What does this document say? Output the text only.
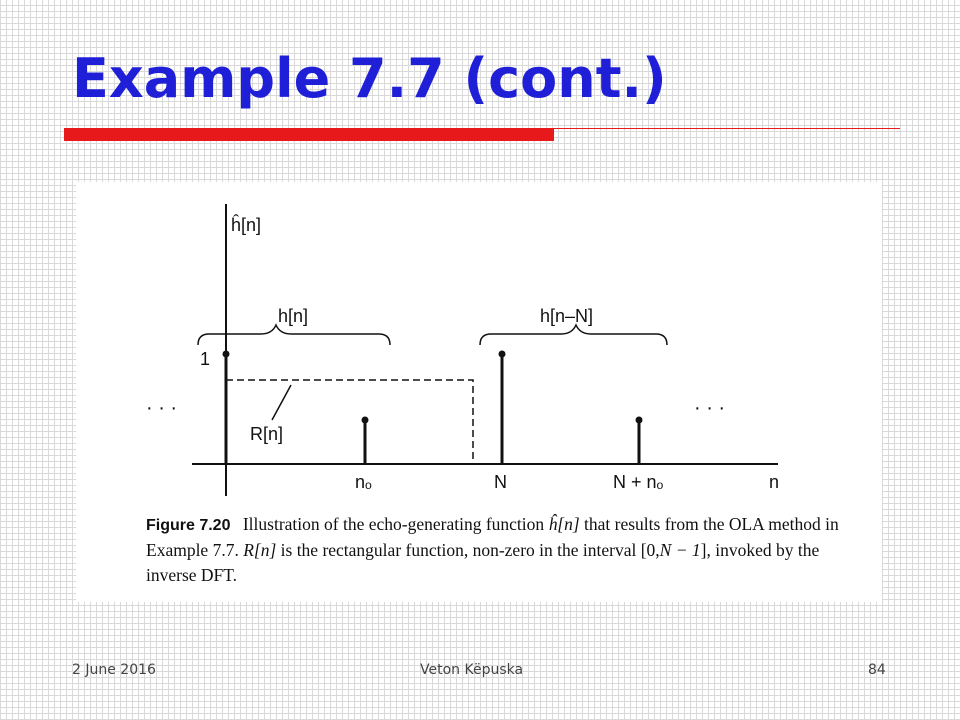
Example 7.7 (cont.)
ĥ[n]
h[n]	h[n–N]
1
R[n]
· · ·	· · ·
nₒ	N	N + nₒ	n
Figure 7.20 Illustration of the echo-generating function ĥ[n] that results from the OLA method in Example 7.7. R[n] is the rectangular function, non-zero in the interval [0,N − 1], invoked by the inverse DFT.
2 June 2016	Veton Këpuska	84
